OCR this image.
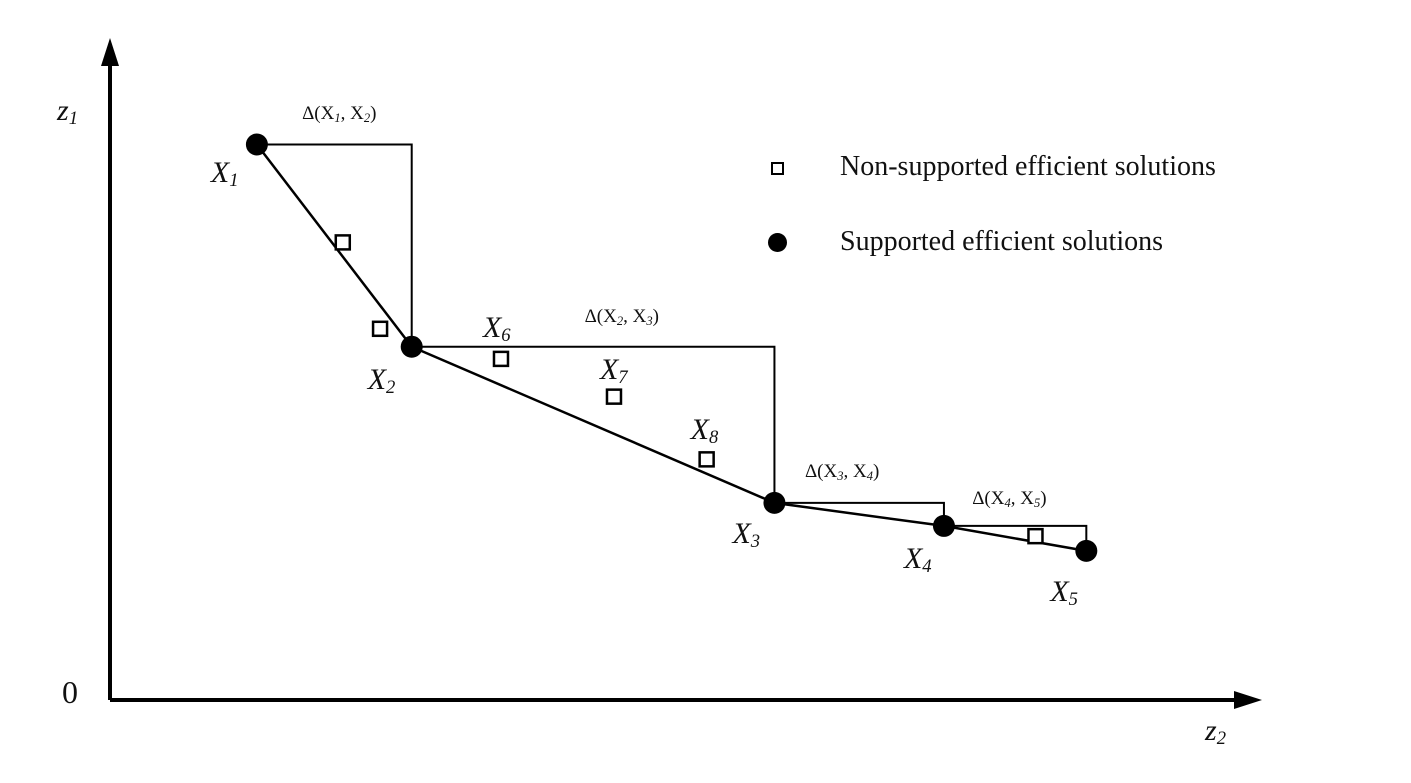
$z_1$
$z_2$
0
Non-supported efficient solutions
Supported efficient solutions
$\Delta(X_1$, $X_2$)
$\Delta(X_2$, $X_3$)
$\Delta(X_3$, $X_4$)
$\Delta(X_4$, $X_5$)
$X_1$
$X_2$
$X_3$
$X_4$
$X_5$
$X_6$
$X_7$
$X_8$
